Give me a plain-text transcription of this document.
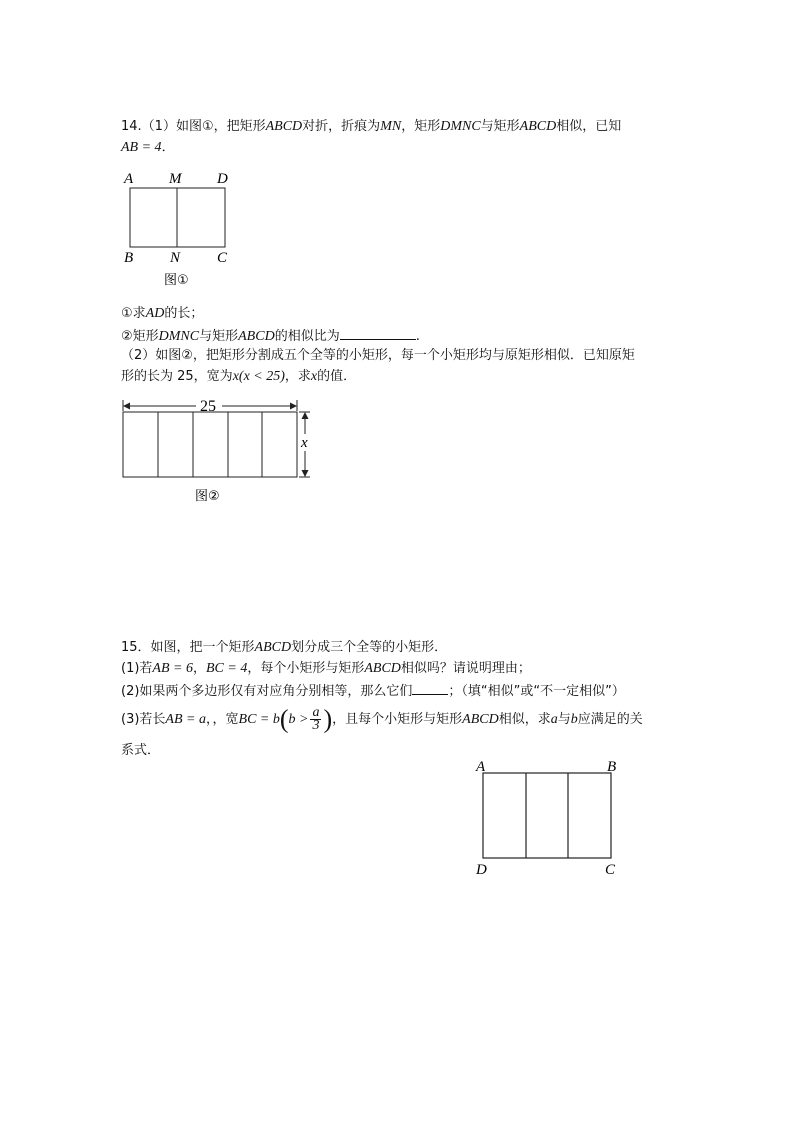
14.（1）如图①，把矩形ABCD对折，折痕为MN，矩形DMNC与矩形ABCD相似，已知
AB = 4．
A M D
B N C
图①
①求AD的长；
②矩形DMNC与矩形ABCD的相似比为	.
（2）如图②，把矩形分割成五个全等的小矩形，每一个小矩形均与原矩形相似．已知原矩
形的长为 25，宽为x(x < 25)，求x的值．
25
x
图②
15．如图，把一个矩形ABCD划分成三个全等的小矩形．
(1)若AB = 6，BC = 4，每个小矩形与矩形ABCD相似吗？请说明理由；
(2)如果两个多边形仅有对应角分别相等，那么它们	；（填“相似”或“不一定相似”）
(3)若长AB = a，，宽BC = $b(b > \frac{a}{3}$ )，且每个小矩形与矩形ABCD相似，求a与b应满足的关
系式．
A	B
D	C
